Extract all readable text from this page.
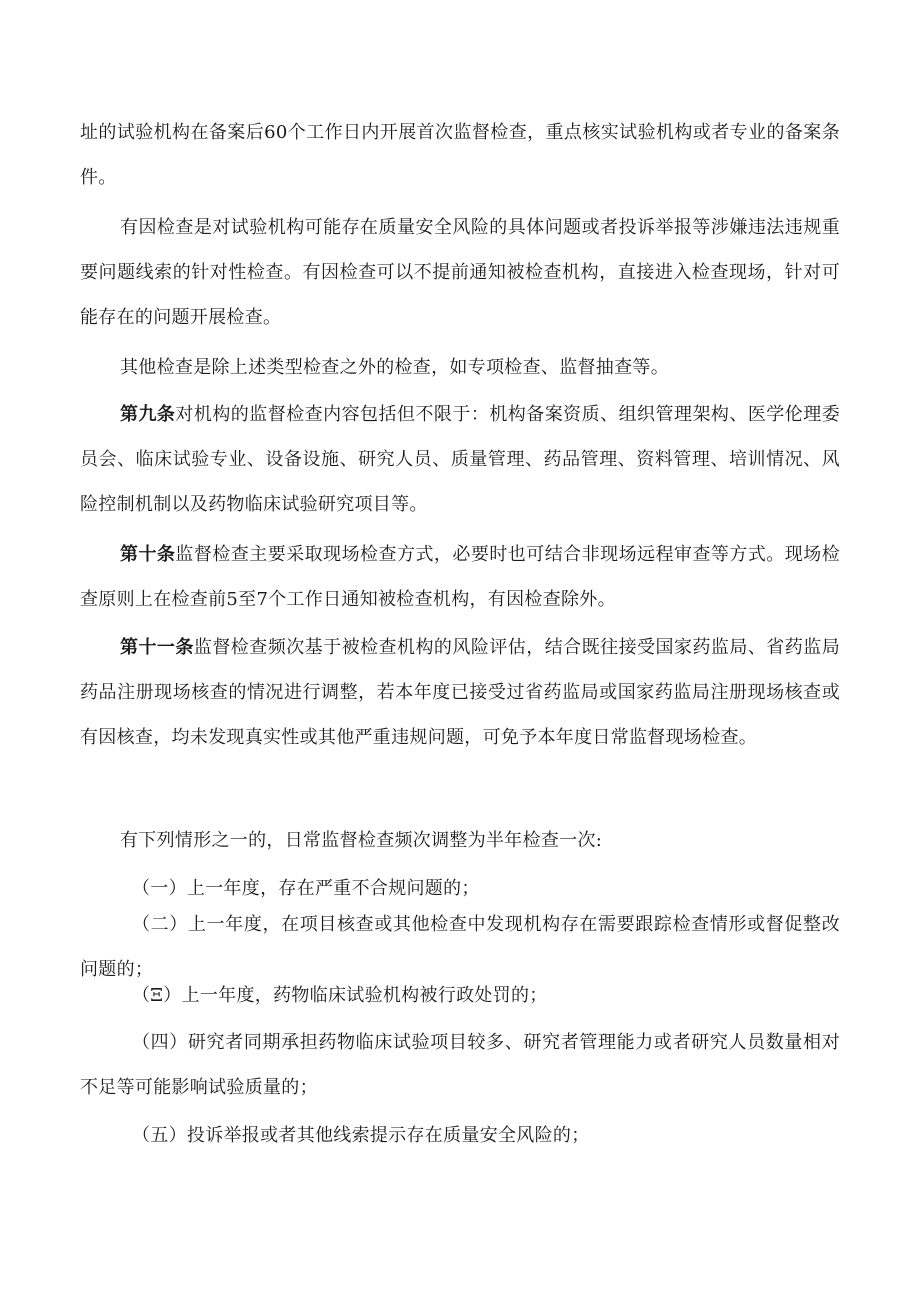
址的试验机构在备案后60个工作日内开展首次监督检查，重点核实试验机构或者专业的备案条件。

有因检查是对试验机构可能存在质量安全风险的具体问题或者投诉举报等涉嫌违法违规重要问题线索的针对性检查。有因检查可以不提前通知被检查机构，直接进入检查现场，针对可能存在的问题开展检查。

其他检查是除上述类型检查之外的检查，如专项检查、监督抽查等。

第九条对机构的监督检查内容包括但不限于：机构备案资质、组织管理架构、医学伦理委员会、临床试验专业、设备设施、研究人员、质量管理、药品管理、资料管理、培训情况、风险控制机制以及药物临床试验研究项目等。

第十条监督检查主要采取现场检查方式，必要时也可结合非现场远程审查等方式。现场检查原则上在检查前5至7个工作日通知被检查机构，有因检查除外。

第十一条监督检查频次基于被检查机构的风险评估，结合既往接受国家药监局、省药监局药品注册现场核查的情况进行调整，若本年度已接受过省药监局或国家药监局注册现场核查或有因核查，均未发现真实性或其他严重违规问题，可免予本年度日常监督现场检查。

有下列情形之一的，日常监督检查频次调整为半年检查一次:

（一）上一年度，存在严重不合规问题的；

（二）上一年度，在项目核查或其他检查中发现机构存在需要跟踪检查情形或督促整改问题的；

（Ξ）上一年度，药物临床试验机构被行政处罚的；

（四）研究者同期承担药物临床试验项目较多、研究者管理能力或者研究人员数量相对不足等可能影响试验质量的；

（五）投诉举报或者其他线索提示存在质量安全风险的；
